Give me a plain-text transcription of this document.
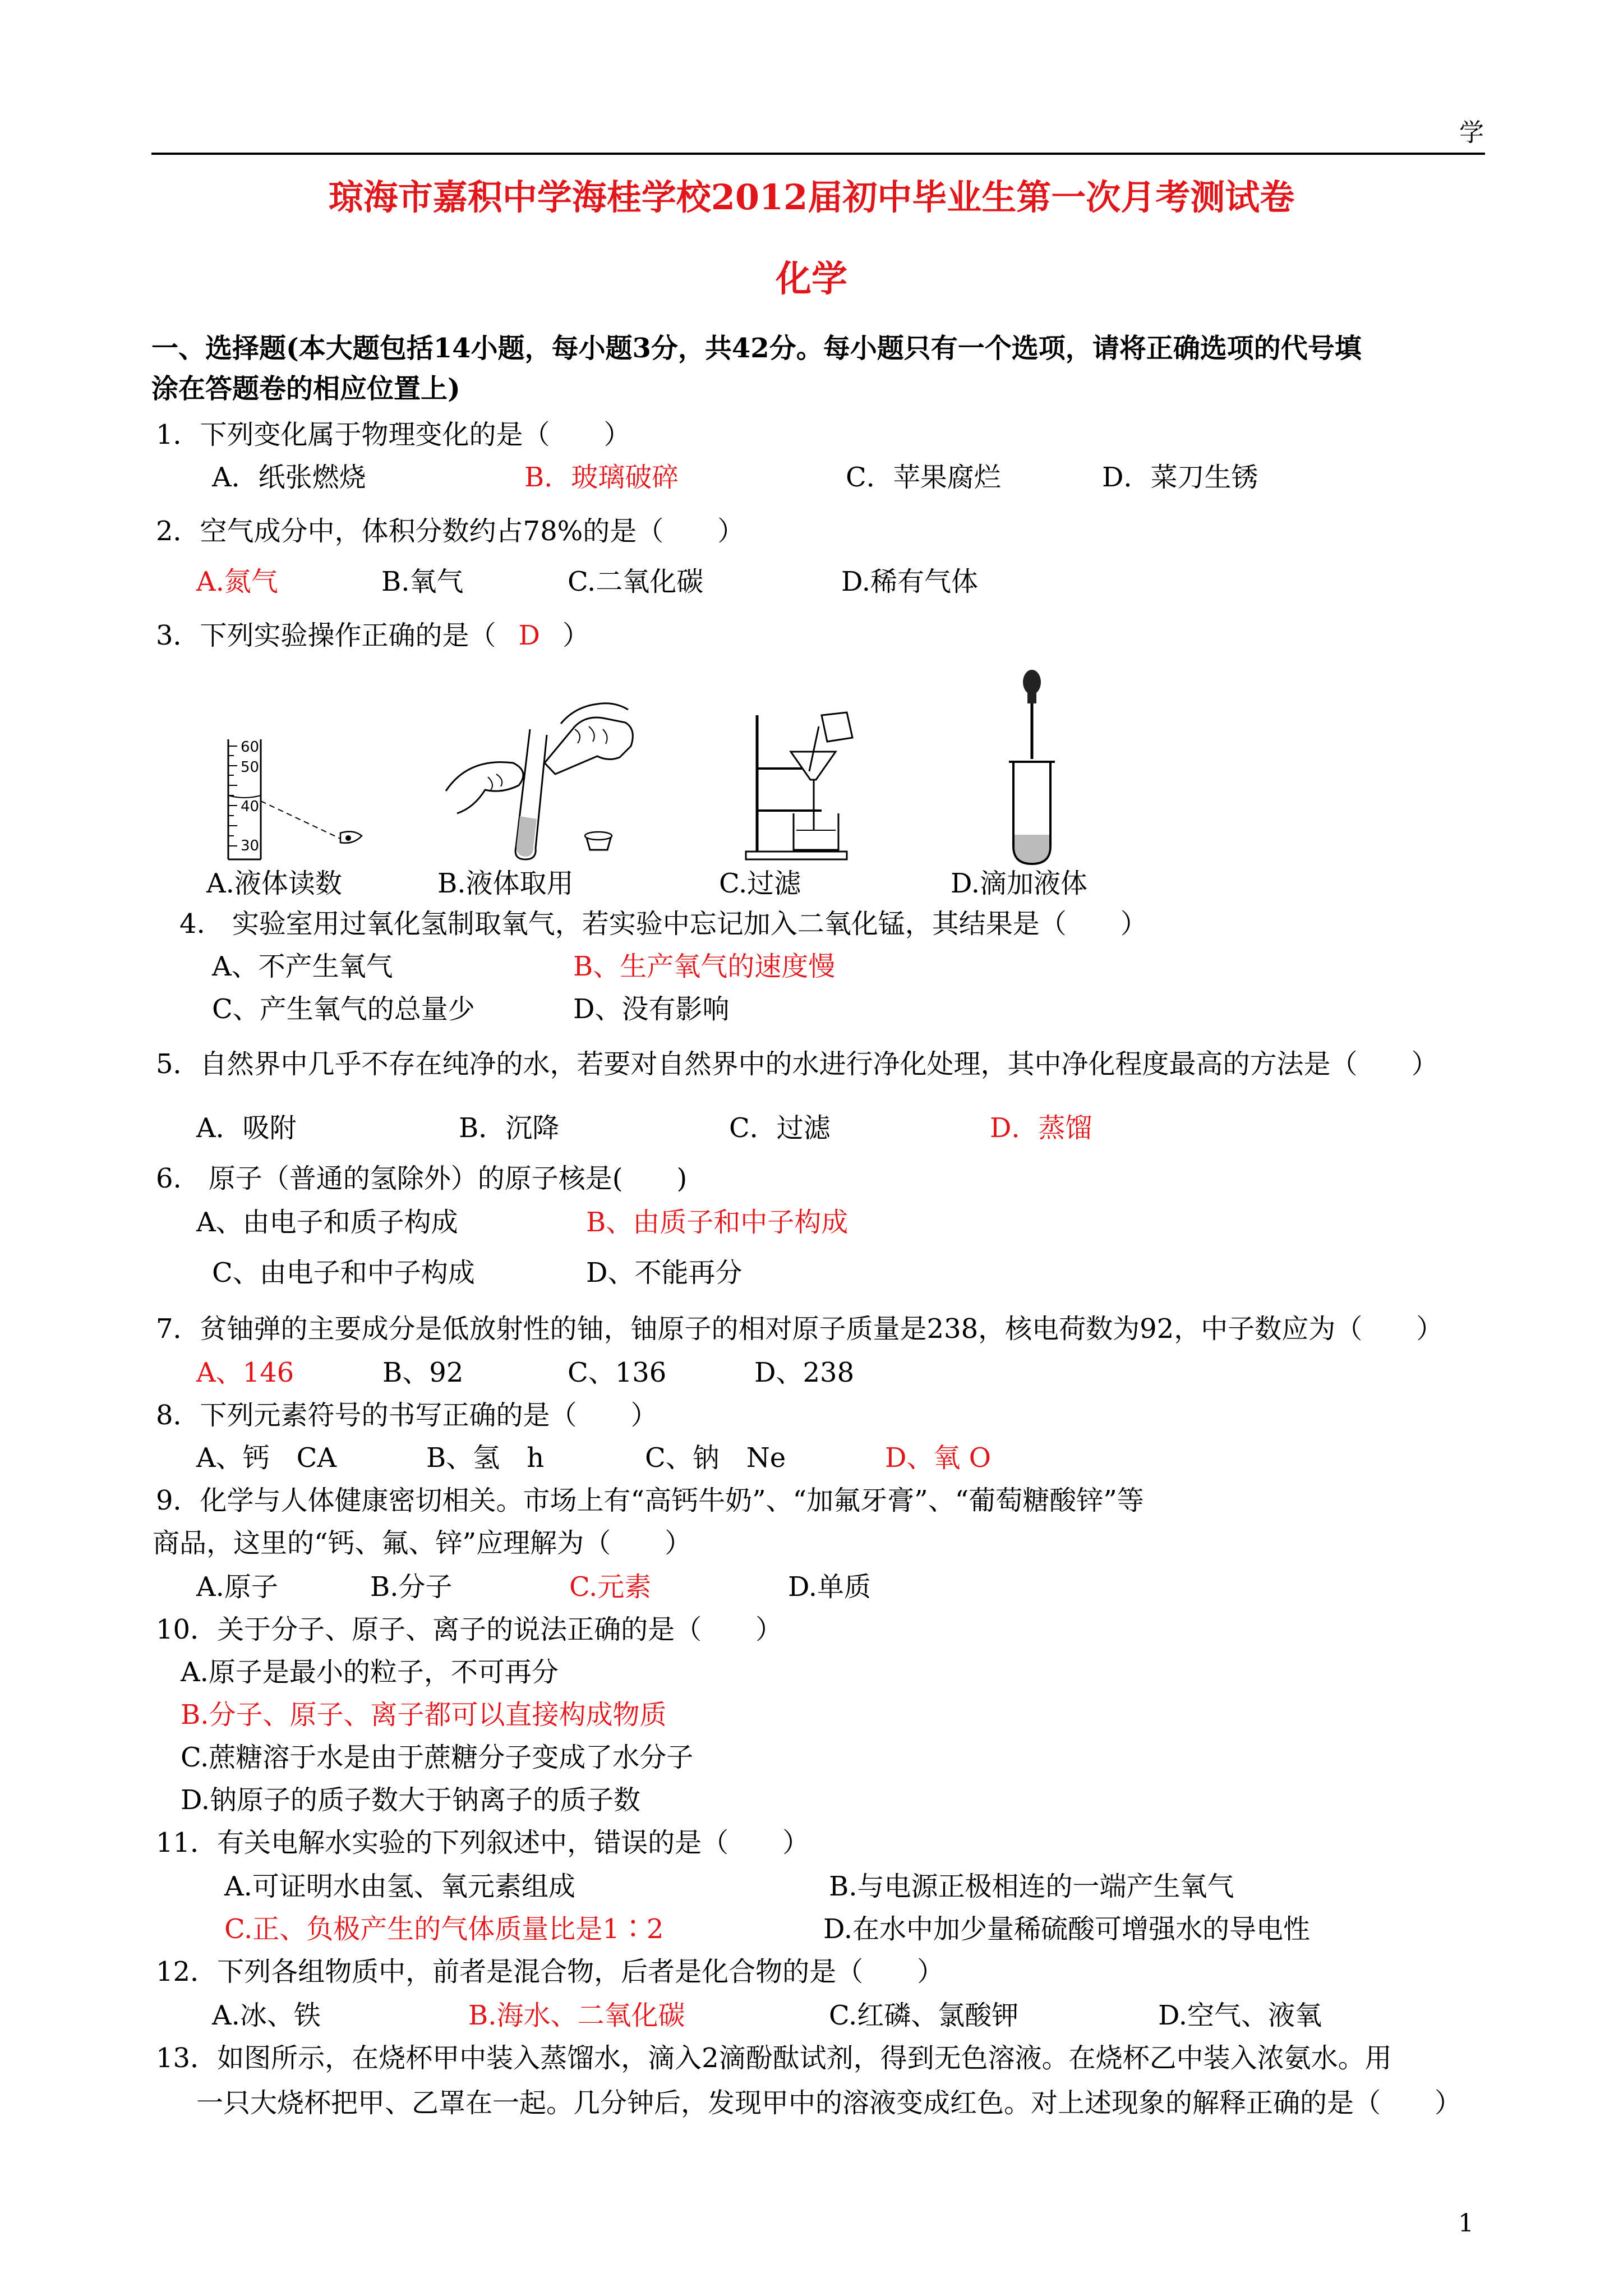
学
琼海市嘉积中学海桂学校2012届初中毕业生第一次月考测试卷
化学
一、选择题(本大题包括14小题，每小题3分，共42分。每小题只有一个选项，请将正确选项的代号填
涂在答题卷的相应位置上)
1．下列变化属于物理变化的是（　　）
A．纸张燃烧	B．玻璃破碎	C．苹果腐烂	D．菜刀生锈
2．空气成分中，体积分数约占78%的是（　　）
A.氮气	B.氧气	C.二氧化碳	D.稀有气体
3．下列实验操作正确的是（ D ）
60
50
40
30
A.液体读数	B.液体取用	C.过滤	D.滴加液体
4.　实验室用过氧化氢制取氧气，若实验中忘记加入二氧化锰，其结果是（　　）
A、不产生氧气	B、生产氧气的速度慢
C、产生氧气的总量少	D、没有影响
5．自然界中几乎不存在纯净的水，若要对自然界中的水进行净化处理，其中净化程度最高的方法是（　　）
A．吸附	B．沉降	C．过滤	D．蒸馏
6.　原子（普通的氢除外）的原子核是(　　)
A、由电子和质子构成	B、由质子和中子构成
C、由电子和中子构成	D、不能再分
7．贫铀弹的主要成分是低放射性的铀，铀原子的相对原子质量是238，核电荷数为92，中子数应为（　　）
A、146	B、92	C、136	D、238
8．下列元素符号的书写正确的是（　　）
A、钙　CA	B、氢　h	C、钠　Ne	D、氧 O
9．化学与人体健康密切相关。市场上有“高钙牛奶”、“加氟牙膏”、“葡萄糖酸锌”等
商品，这里的“钙、氟、锌”应理解为（　　）
A.原子	B.分子	C.元素	D.单质
10．关于分子、原子、离子的说法正确的是（　　）
A.原子是最小的粒子，不可再分
B.分子、原子、离子都可以直接构成物质
C.蔗糖溶于水是由于蔗糖分子变成了水分子
D.钠原子的质子数大于钠离子的质子数
11．有关电解水实验的下列叙述中，错误的是（　　）
A.可证明水由氢、氧元素组成	B.与电源正极相连的一端产生氧气
C.正、负极产生的气体质量比是1∶2	D.在水中加少量稀硫酸可增强水的导电性
12．下列各组物质中，前者是混合物，后者是化合物的是（　　）
A.冰、铁	B.海水、二氧化碳	C.红磷、氯酸钾	D.空气、液氧
13．如图所示，在烧杯甲中装入蒸馏水，滴入2滴酚酞试剂，得到无色溶液。在烧杯乙中装入浓氨水。用
一只大烧杯把甲、乙罩在一起。几分钟后，发现甲中的溶液变成红色。对上述现象的解释正确的是（　　）
1
